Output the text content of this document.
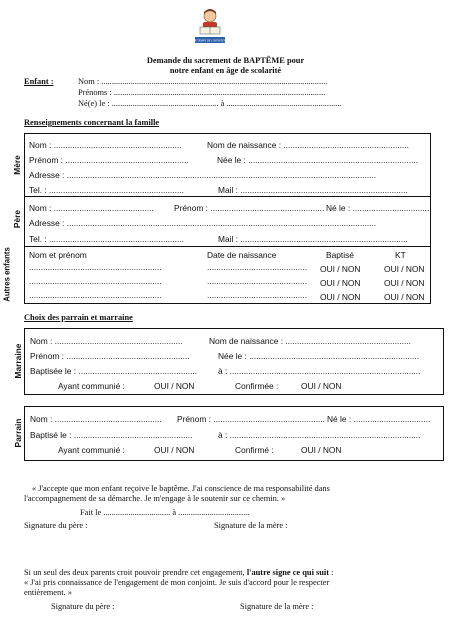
LE TEMPS DE L'INITIATION
Demande du sacrement de BAPTÊME pour
notre enfant en âge de scolarité
Enfant :	Nom : ............................................................................................................
Prénoms : .....................................................................................................
Né(e) le : ................................................... à .......................................................
Renseignements concernant la famille
Mère
Nom : .......................................................	Nom de naissance : ......................................................
Prénom : .....................................................	Née le : .........................................................................
Adresse : .....................................................................................................................................
Tel. : ..........................................................	Mail : ........................................................................
Père
Nom : ........................................... Prénom : ................................................. Né le : .................................
Adresse : .....................................................................................................................................
Tel. : ..........................................................	Mail : ........................................................................
Autres enfants Nom et prénom	Date de naissance	Baptisé	KT
.........................................................	........................................... OUI / NON	OUI / NON
.........................................................	........................................... OUI / NON	OUI / NON
.........................................................	........................................... OUI / NON	OUI / NON
Choix des parrain et marraine
Marraine
Nom : .......................................................	Nom de naissance : ......................................................
Prénom : .....................................................	Née le : .........................................................................
Baptisée le : ................................................... à : ..................................................................................
Ayant communié :	OUI / NON	Confirmée :	OUI / NON
Parrain Nom : .............................................. Prénom : ................................................ Né le : .................................
Baptisé le : ...................................................	à : ..................................................................................
Ayant communié :	OUI / NON	Confirmé :	OUI / NON
« J'accepte que mon enfant reçoive le baptême. J'ai conscience de ma responsabilité dans
l'accompagnement de sa démarche. Je m'engage à le soutenir sur ce chemin. »
Fait le ................................ à ..................................
Signature du père :	Signature de la mère :
Si un seul des deux parents croit pouvoir prendre cet engagement, l'autre signe ce qui suit :
« J'ai pris connaissance de l'engagement de mon conjoint. Je suis d'accord pour le respecter
entièrement. »
Signature du père :	Signature de la mère :
